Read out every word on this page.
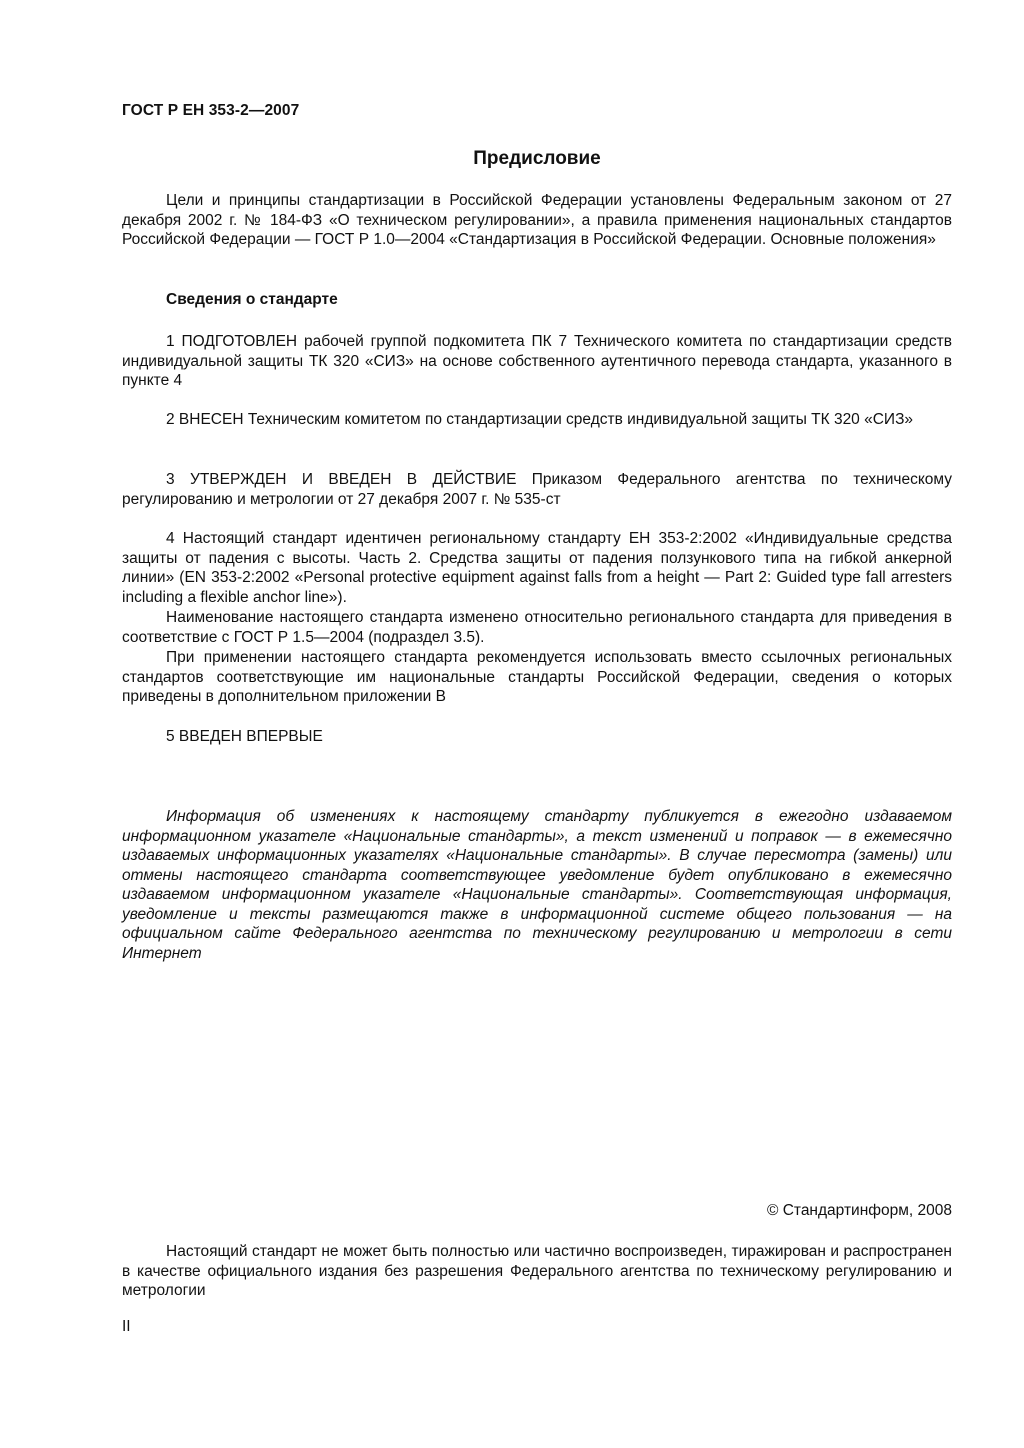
ГОСТ Р ЕН 353-2—2007
Предисловие

Цели и принципы стандартизации в Российской Федерации установлены Федеральным законом от 27 декабря 2002 г. № 184-ФЗ «О техническом регулировании», а правила применения национальных стандартов Российской Федерации — ГОСТ Р 1.0—2004 «Стандартизация в Российской Федерации. Основные положения»

Сведения о стандарте

1 ПОДГОТОВЛЕН рабочей группой подкомитета ПК 7 Технического комитета по стандартизации средств индивидуальной защиты ТК 320 «СИЗ» на основе собственного аутентичного перевода стандарта, указанного в пункте 4

2 ВНЕСЕН Техническим комитетом по стандартизации средств индивидуальной защиты ТК 320 «СИЗ»

3 УТВЕРЖДЕН И ВВЕДЕН В ДЕЙСТВИЕ Приказом Федерального агентства по техническому регулированию и метрологии от 27 декабря 2007 г. № 535-ст

4 Настоящий стандарт идентичен региональному стандарту ЕН 353-2:2002 «Индивидуальные средства защиты от падения с высоты. Часть 2. Средства защиты от падения ползункового типа на гибкой анкерной линии» (EN 353-2:2002 «Personal protective equipment against falls from a height — Part 2: Guided type fall arresters including a flexible anchor line»).

Наименование настоящего стандарта изменено относительно регионального стандарта для приведения в соответствие с ГОСТ Р 1.5—2004 (подраздел 3.5).

При применении настоящего стандарта рекомендуется использовать вместо ссылочных региональных стандартов соответствующие им национальные стандарты Российской Федерации, сведения о которых приведены в дополнительном приложении В

5 ВВЕДЕН ВПЕРВЫЕ

Информация об изменениях к настоящему стандарту публикуется в ежегодно издаваемом информационном указателе «Национальные стандарты», а текст изменений и поправок — в ежемесячно издаваемых информационных указателях «Национальные стандарты». В случае пересмотра (замены) или отмены настоящего стандарта соответствующее уведомление будет опубликовано в ежемесячно издаваемом информационном указателе «Национальные стандарты». Соответствующая информация, уведомление и тексты размещаются также в информационной системе общего пользования — на официальном сайте Федерального агентства по техническому регулированию и метрологии в сети Интернет

© Стандартинформ, 2008

Настоящий стандарт не может быть полностью или частично воспроизведен, тиражирован и распространен в качестве официального издания без разрешения Федерального агентства по техническому регулированию и метрологии

II
